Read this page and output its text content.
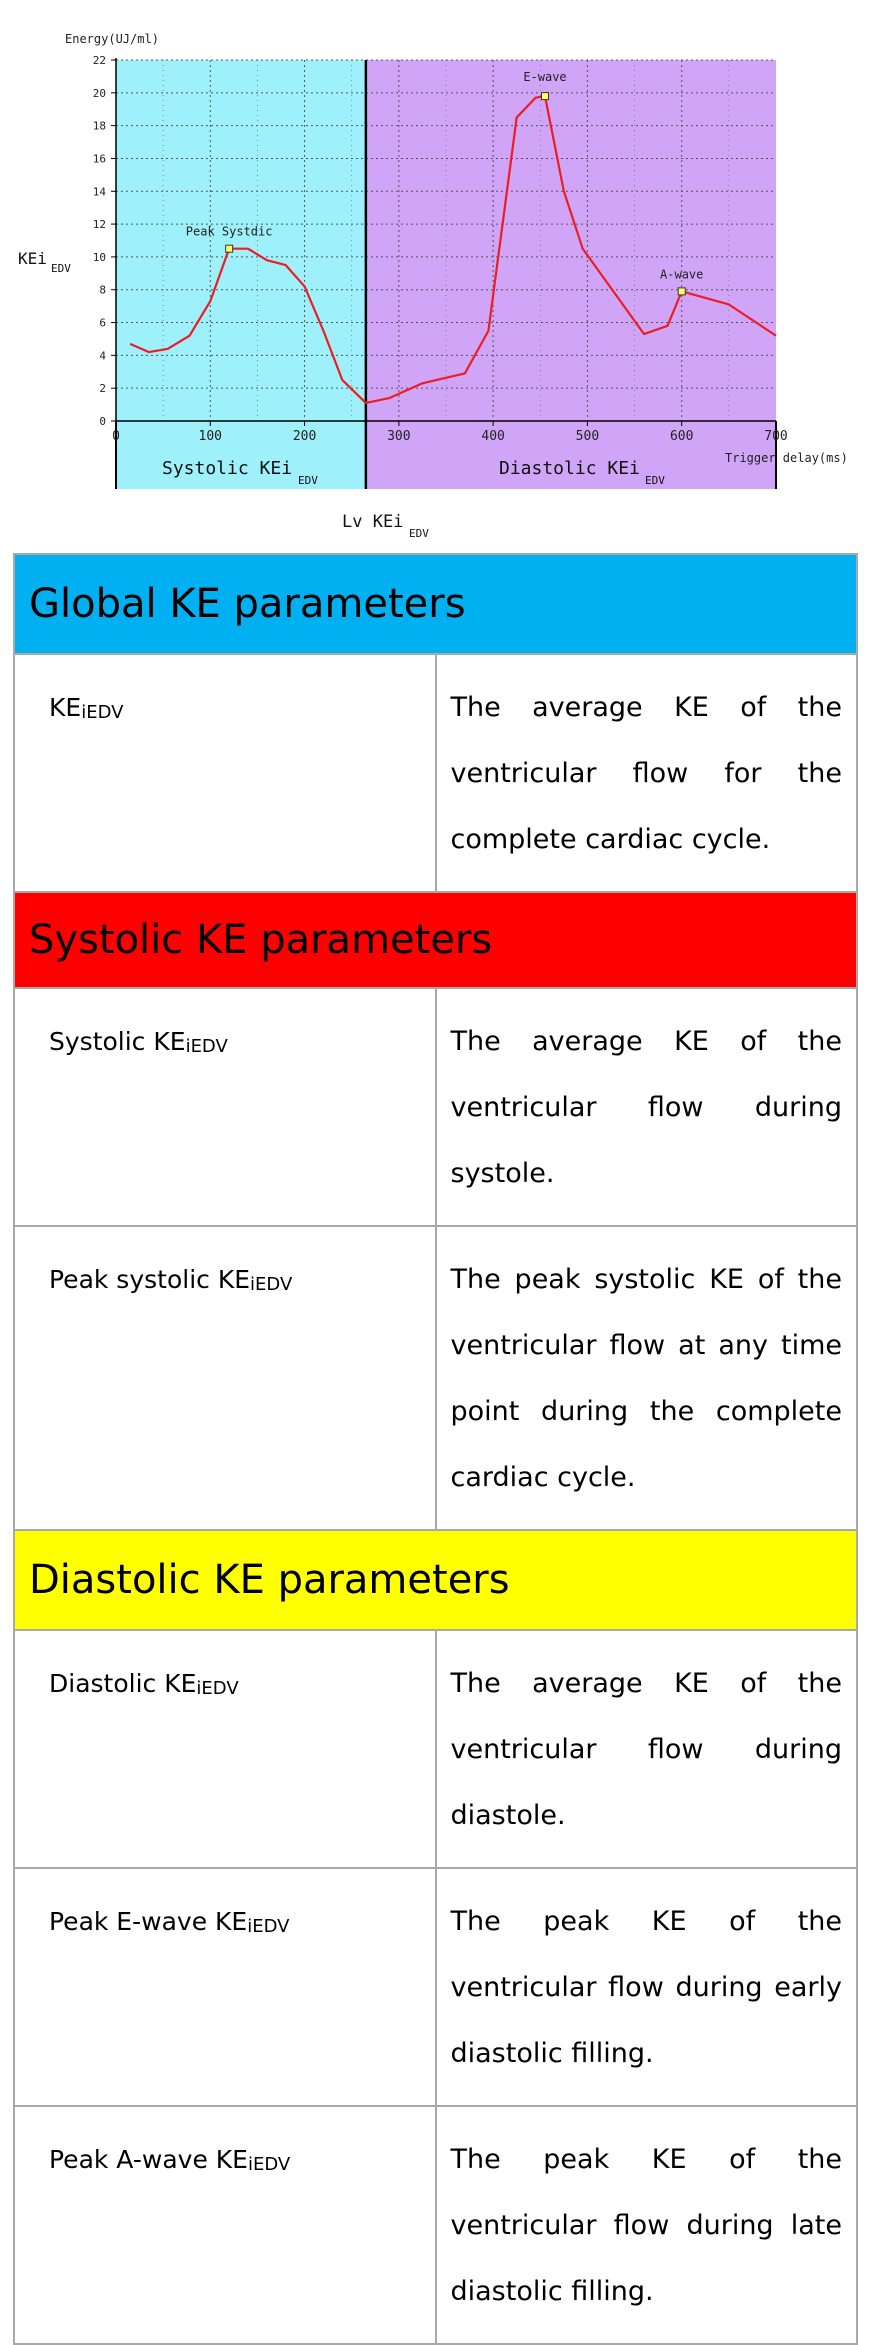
0
2
4
6
8
10
12
14
16
18
20
22
0	100	200	300	400	500	600	700
Peak Systdic
E-wave
A-wave
Energy(UJ/ml)
KEi
EDV
Trigger delay(ms)
Systolic KEi
EDV
Diastolic KEi
EDV
Lv KEi
EDV
Global KE parameters	
$KE_{iEDV}$	The average KE of the ventricular flow for the complete cardiac cycle.
Systolic KE parameters	
Systolic $KE_{iEDV}$	The average KE of the ventricular flow during systole.
Peak systolic $KE_{iEDV}$	The peak systolic KE of the ventricular flow at any time point during the complete cardiac cycle.
Diastolic KE parameters	
Diastolic $KE_{iEDV}$	The average KE of the ventricular flow during diastole.
Peak E-wave $KE_{iEDV}$	The peak KE of the ventricular flow during early diastolic filling.
Peak A-wave $KE_{iEDV}$	The peak KE of the ventricular flow during late diastolic filling.
